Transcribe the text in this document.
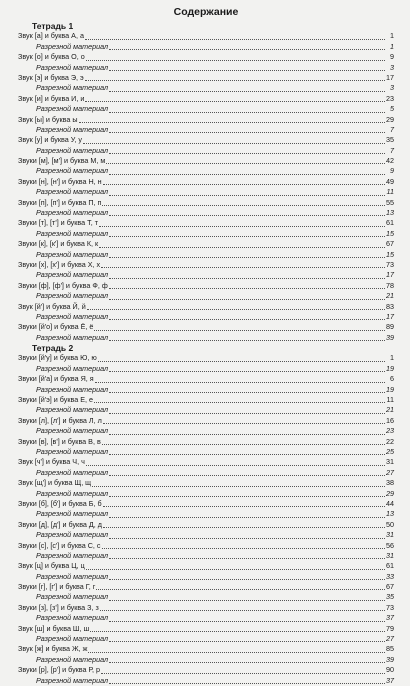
Содержание
Тетрадь 1
Звук [а] и буква А, а	1
Разрезной материал	1
Звук [о] и буква О, о	9
Разрезной материал	3
Звук [э] и буква Э, э	17
Разрезной материал	3
Звук [и] и буква И, и	23
Разрезной материал	5
Звук [ы] и буква ы	29
Разрезной материал	7
Звук [у] и буква У, у	35
Разрезной материал	7
Звуки [м], [м'] и буква М, м	42
Разрезной материал	9
Звуки [н], [н'] и буква Н, н	49
Разрезной материал	11
Звуки [п], [п'] и буква П, п	55
Разрезной материал	13
Звуки [т], [т'] и буква Т, т	61
Разрезной материал	15
Звуки [к], [к'] и буква К, к	67
Разрезной материал	15
Звуки [х], [х'] и буква Х, х	73
Разрезной материал	17
Звуки [ф], [ф'] и буква Ф, ф	78
Разрезной материал	21
Звук [й'] и буква Й, й	83
Разрезной материал	17
Звуки [й'о] и буква Ё, ё	89
Разрезной материал	39
Тетрадь 2
Звуки [й'у] и буква Ю, ю	1
Разрезной материал	19
Звуки [й'а] и буква Я, я	6
Разрезной материал	19
Звуки [й'э] и буква Е, е	11
Разрезной материал	21
Звуки [л], [л'] и буква Л, л	16
Разрезной материал	23
Звуки [в], [в'] и буква В, в	22
Разрезной материал	25
Звук [ч'] и буква Ч, ч	31
Разрезной материал	27
Звук [щ'] и буква Щ, щ	38
Разрезной материал	29
Звуки [б], [б'] и буква Б, б	44
Разрезной материал	13
Звуки [д], [д'] и буква Д, д	50
Разрезной материал	31
Звуки [с], [с'] и буква С, с	56
Разрезной материал	31
Звук [ц] и буква Ц, ц	61
Разрезной материал	33
Звуки [г], [г'] и буква Г, г	67
Разрезной материал	35
Звуки [з], [з'] и буква З, з	73
Разрезной материал	37
Звук [ш] и буква Ш, ш	79
Разрезной материал	27
Звук [ж] и буква Ж, ж	85
Разрезной материал	39
Звуки [р], [р'] и буква Р, р	90
Разрезной материал	37
